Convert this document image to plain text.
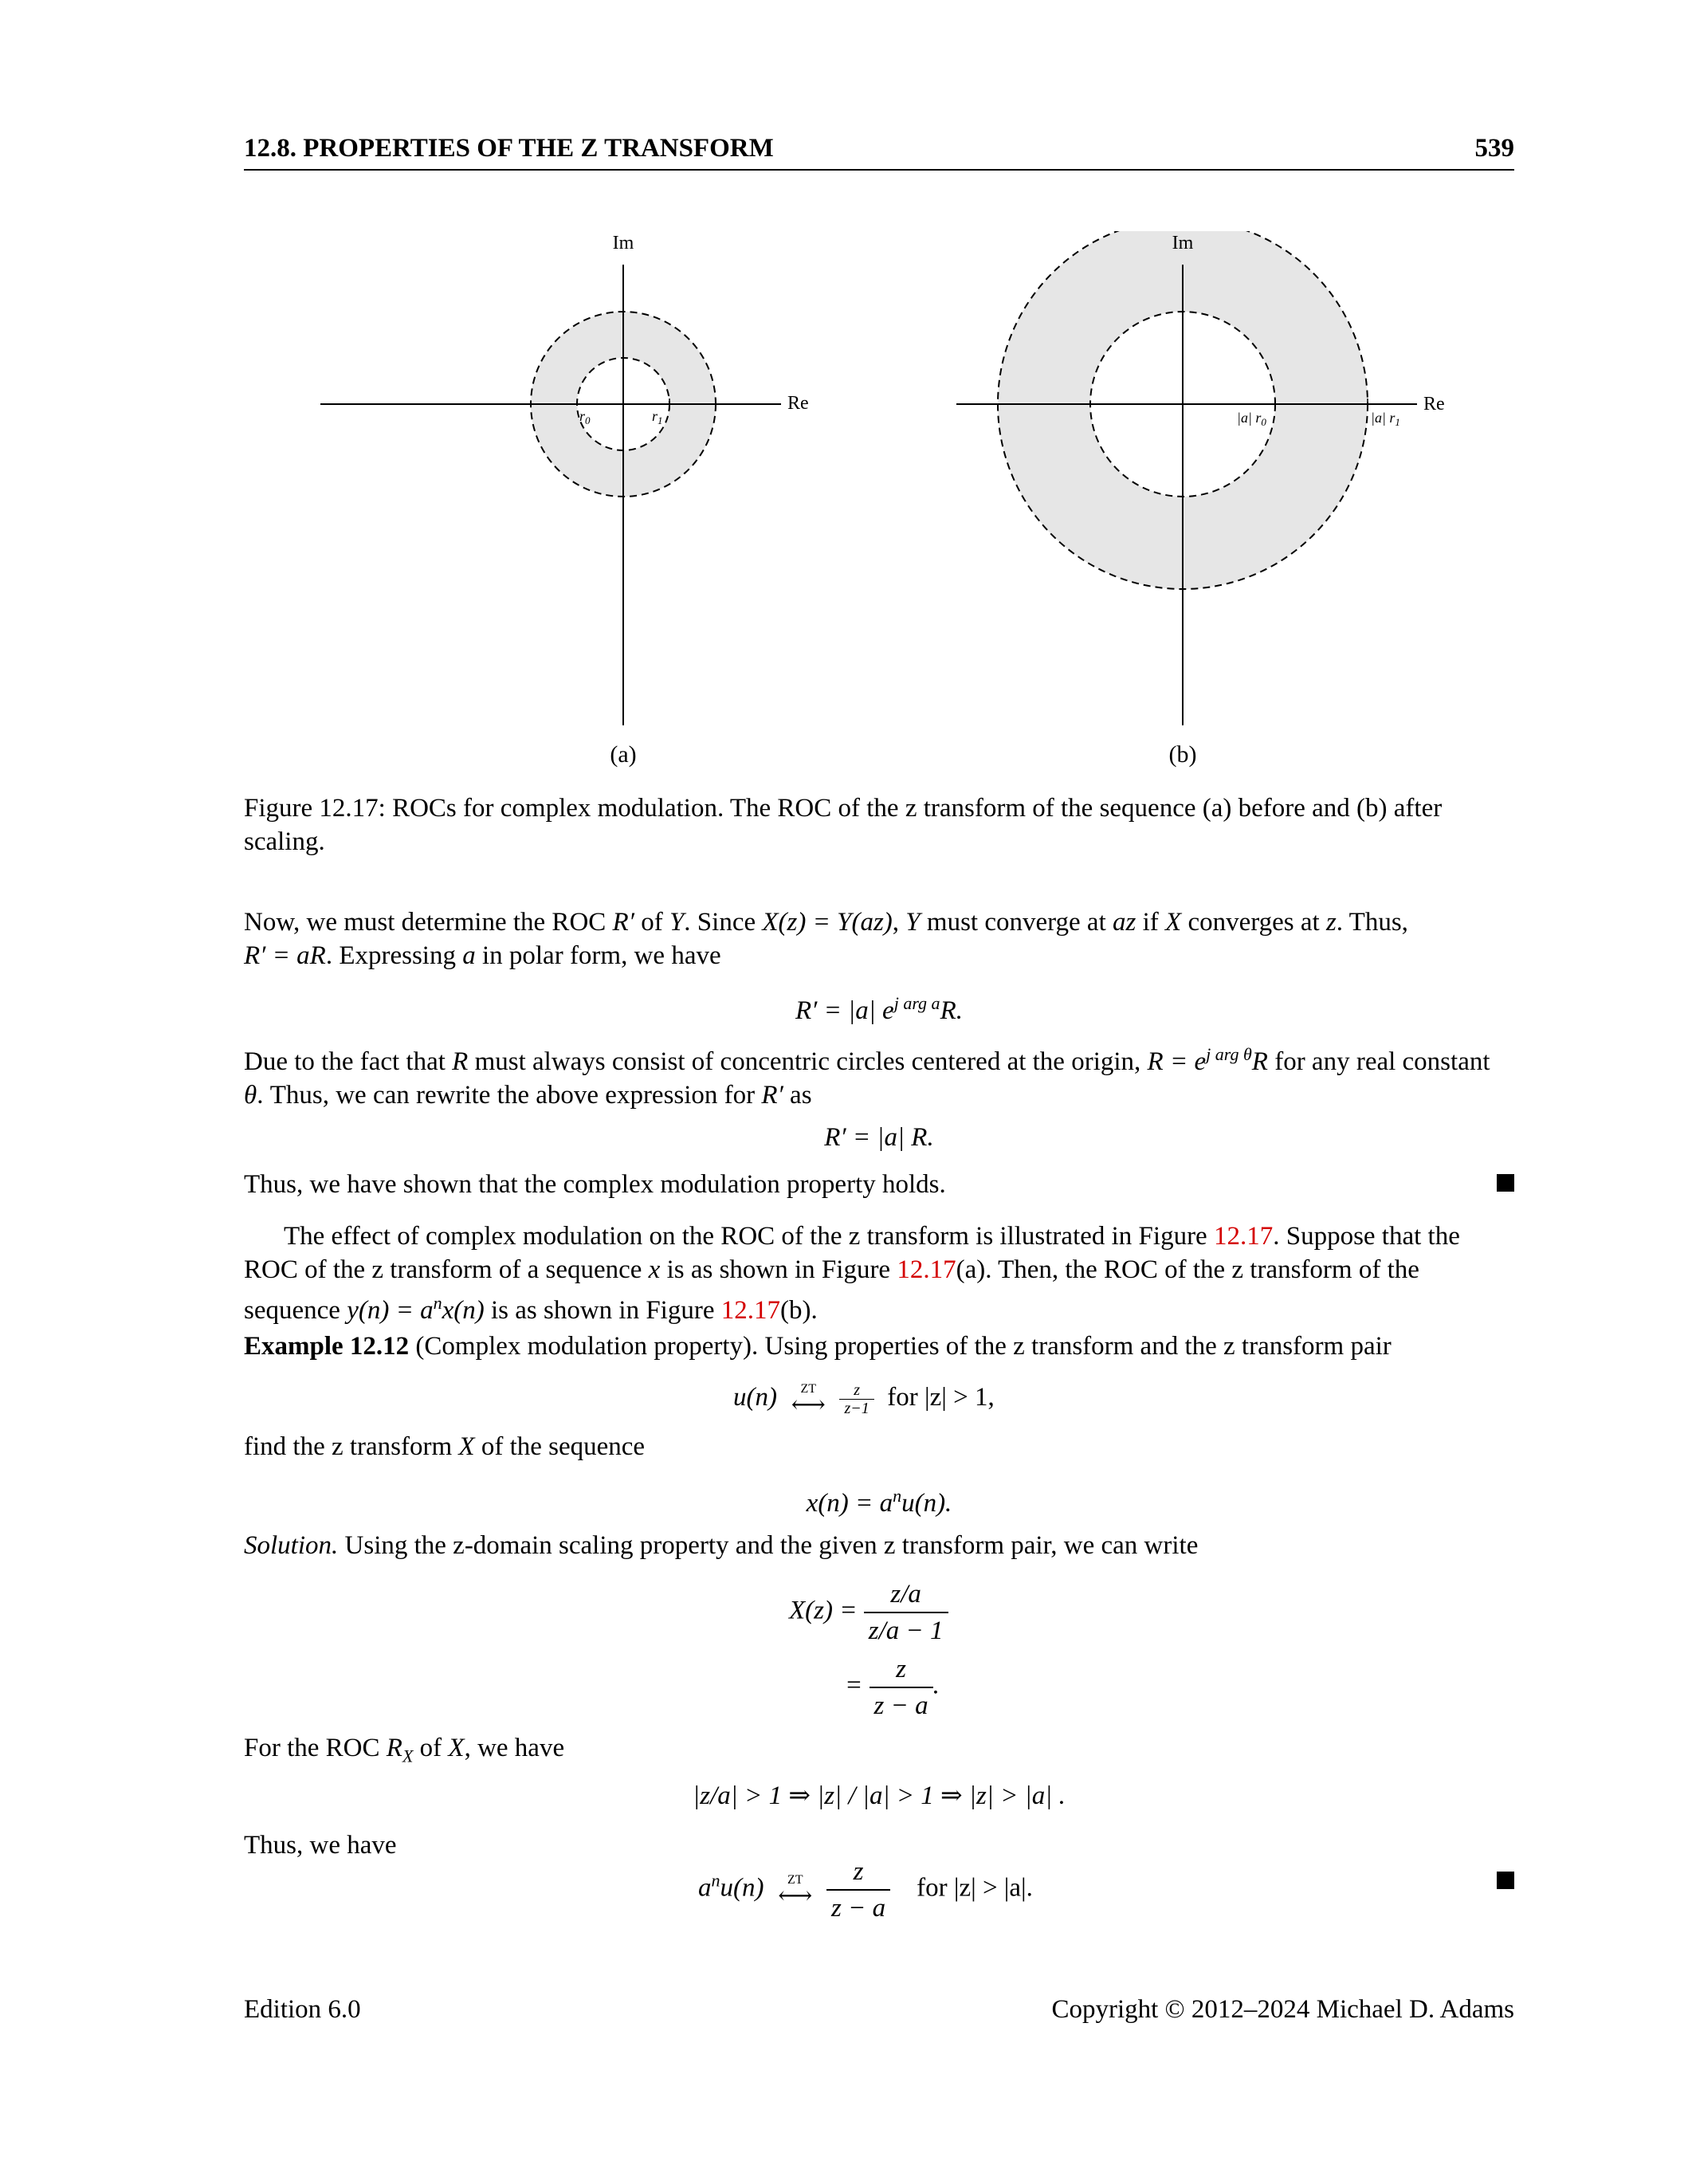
12.8. PROPERTIES OF THE Z TRANSFORM	539
Im
Re
$r_0$	$r_1$
(a)
Im
Re
|a| $r_0$	|a| $r_1$
(b)
Figure 12.17: ROCs for complex modulation. The ROC of the z transform of the sequence (a) before and (b) after
scaling.
Now, we must determine the ROC R′ of Y. Since X(z) = Y(az), Y must converge at az if X converges at z. Thus,
R′ = aR. Expressing a in polar form, we have
R′ = |a| $e^{j arg a}R$.
Due to the fact that R must always consist of concentric circles centered at the origin, $R = e^{j arg \theta}R$ for any real constant
θ. Thus, we can rewrite the above expression for R′ as
R′ = |a| R.
Thus, we have shown that the complex modulation property holds.
The effect of complex modulation on the ROC of the z transform is illustrated in Figure 12.17. Suppose that the
ROC of the z transform of a sequence x is as shown in Figure 12.17(a). Then, the ROC of the z transform of the
sequence $y(n) = a^nx(n)$ is as shown in Figure 12.17(b).
Example 12.12 (Complex modulation property). Using properties of the z transform and the z transform pair
u(n)	ZT
⟷
$\frac{z}{z-1}$ for |z| > 1,
find the z transform X of the sequence
$x(n) = a^nu(n)$.
Solution. Using the z-domain scaling property and the given z transform pair, we can write
$X(z) = \frac{z/a}{z/a - 1}$
= $\frac{z}{z - a}$ .
For the ROC $R_X$ of X, we have
|z/a| > 1 ⇒ |z| / |a| > 1 ⇒ |z| > |a| .
Thus, we have
$a^nu(n)$	ZT
⟷
$\frac{z}{z - a}$ for |z| > |a|.
Edition 6.0	Copyright © 2012–2024 Michael D. Adams
